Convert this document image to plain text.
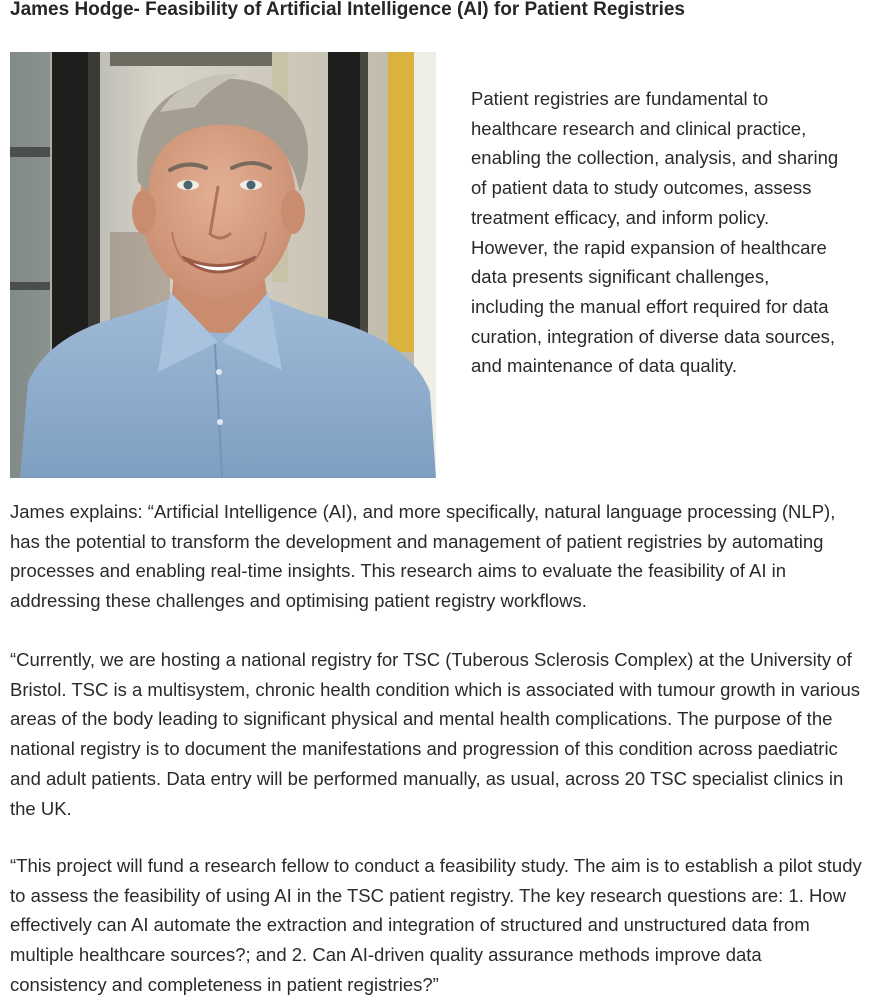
James Hodge- Feasibility of Artificial Intelligence (AI) for Patient Registries

Patient registries are fundamental to healthcare research and clinical practice, enabling the collection, analysis, and sharing of patient data to study outcomes, assess treatment efficacy, and inform policy. However, the rapid expansion of healthcare data presents significant challenges, including the manual effort required for data curation, integration of diverse data sources, and maintenance of data quality.

James explains: “Artificial Intelligence (AI), and more specifically, natural language processing (NLP), has the potential to transform the development and management of patient registries by automating processes and enabling real-time insights. This research aims to evaluate the feasibility of AI in addressing these challenges and optimising patient registry workflows.

“Currently, we are hosting a national registry for TSC (Tuberous Sclerosis Complex) at the University of Bristol. TSC is a multisystem, chronic health condition which is associated with tumour growth in various areas of the body leading to significant physical and mental health complications. The purpose of the national registry is to document the manifestations and progression of this condition across paediatric and adult patients. Data entry will be performed manually, as usual, across 20 TSC specialist clinics in the UK.

“This project will fund a research fellow to conduct a feasibility study. The aim is to establish a pilot study to assess the feasibility of using AI in the TSC patient registry. The key research questions are: 1. How effectively can AI automate the extraction and integration of structured and unstructured data from multiple healthcare sources?; and 2. Can AI-driven quality assurance methods improve data consistency and completeness in patient registries?”
